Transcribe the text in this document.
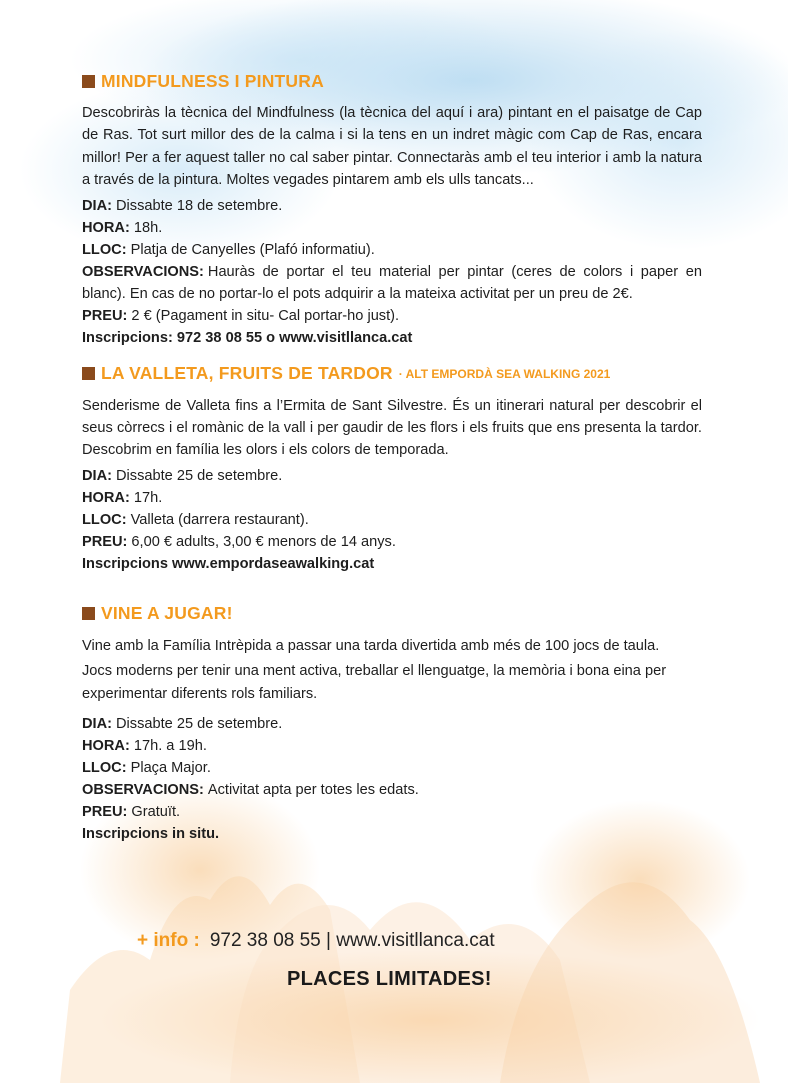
MINDFULNESS I PINTURA

Descobriràs la tècnica del Mindfulness (la tècnica del aquí i ara) pintant en el paisatge de Cap de Ras. Tot surt millor des de la calma i si la tens en un indret màgic com Cap de Ras, encara millor! Per a fer aquest taller no cal saber pintar. Connectaràs amb el teu interior i amb la natura a través de la pintura. Moltes vegades pintarem amb els ulls tancats...

DIA: Dissabte 18 de setembre.
HORA: 18h.
LLOC: Platja de Canyelles (Plafó informatiu).
OBSERVACIONS: Hauràs de portar el teu material per pintar (ceres de colors i paper en blanc). En cas de no portar-lo el pots adquirir a la mateixa activitat per un preu de 2€.
PREU: 2 € (Pagament in situ- Cal portar-ho just).
Inscripcions: 972 38 08 55 o www.visitllanca.cat
LA VALLETA, FRUITS DE TARDOR · ALT EMPORDÀ SEA WALKING 2021

Senderisme de Valleta fins a l’Ermita de Sant Silvestre. És un itinerari natural per descobrir el seus còrrecs i el romànic de la vall i per gaudir de les flors i els fruits que ens presenta la tardor. Descobrim en família les olors i els colors de temporada.

DIA: Dissabte 25 de setembre.
HORA: 17h.
LLOC: Valleta (darrera restaurant).
PREU: 6,00 € adults, 3,00 € menors de 14 anys.
Inscripcions www.empordaseawalking.cat
VINE A JUGAR!

Vine amb la Família Intrèpida a passar una tarda divertida amb més de 100 jocs de taula.

Jocs moderns per tenir una ment activa, treballar el llenguatge, la memòria i bona eina per experimentar diferents rols familiars.

DIA: Dissabte 25 de setembre.
HORA: 17h. a 19h.
LLOC: Plaça Major.
OBSERVACIONS: Activitat apta per totes les edats.
PREU: Gratuït.
Inscripcions in situ.
+ info : 972 38 08 55 | www.visitllanca.cat
PLACES LIMITADES!
